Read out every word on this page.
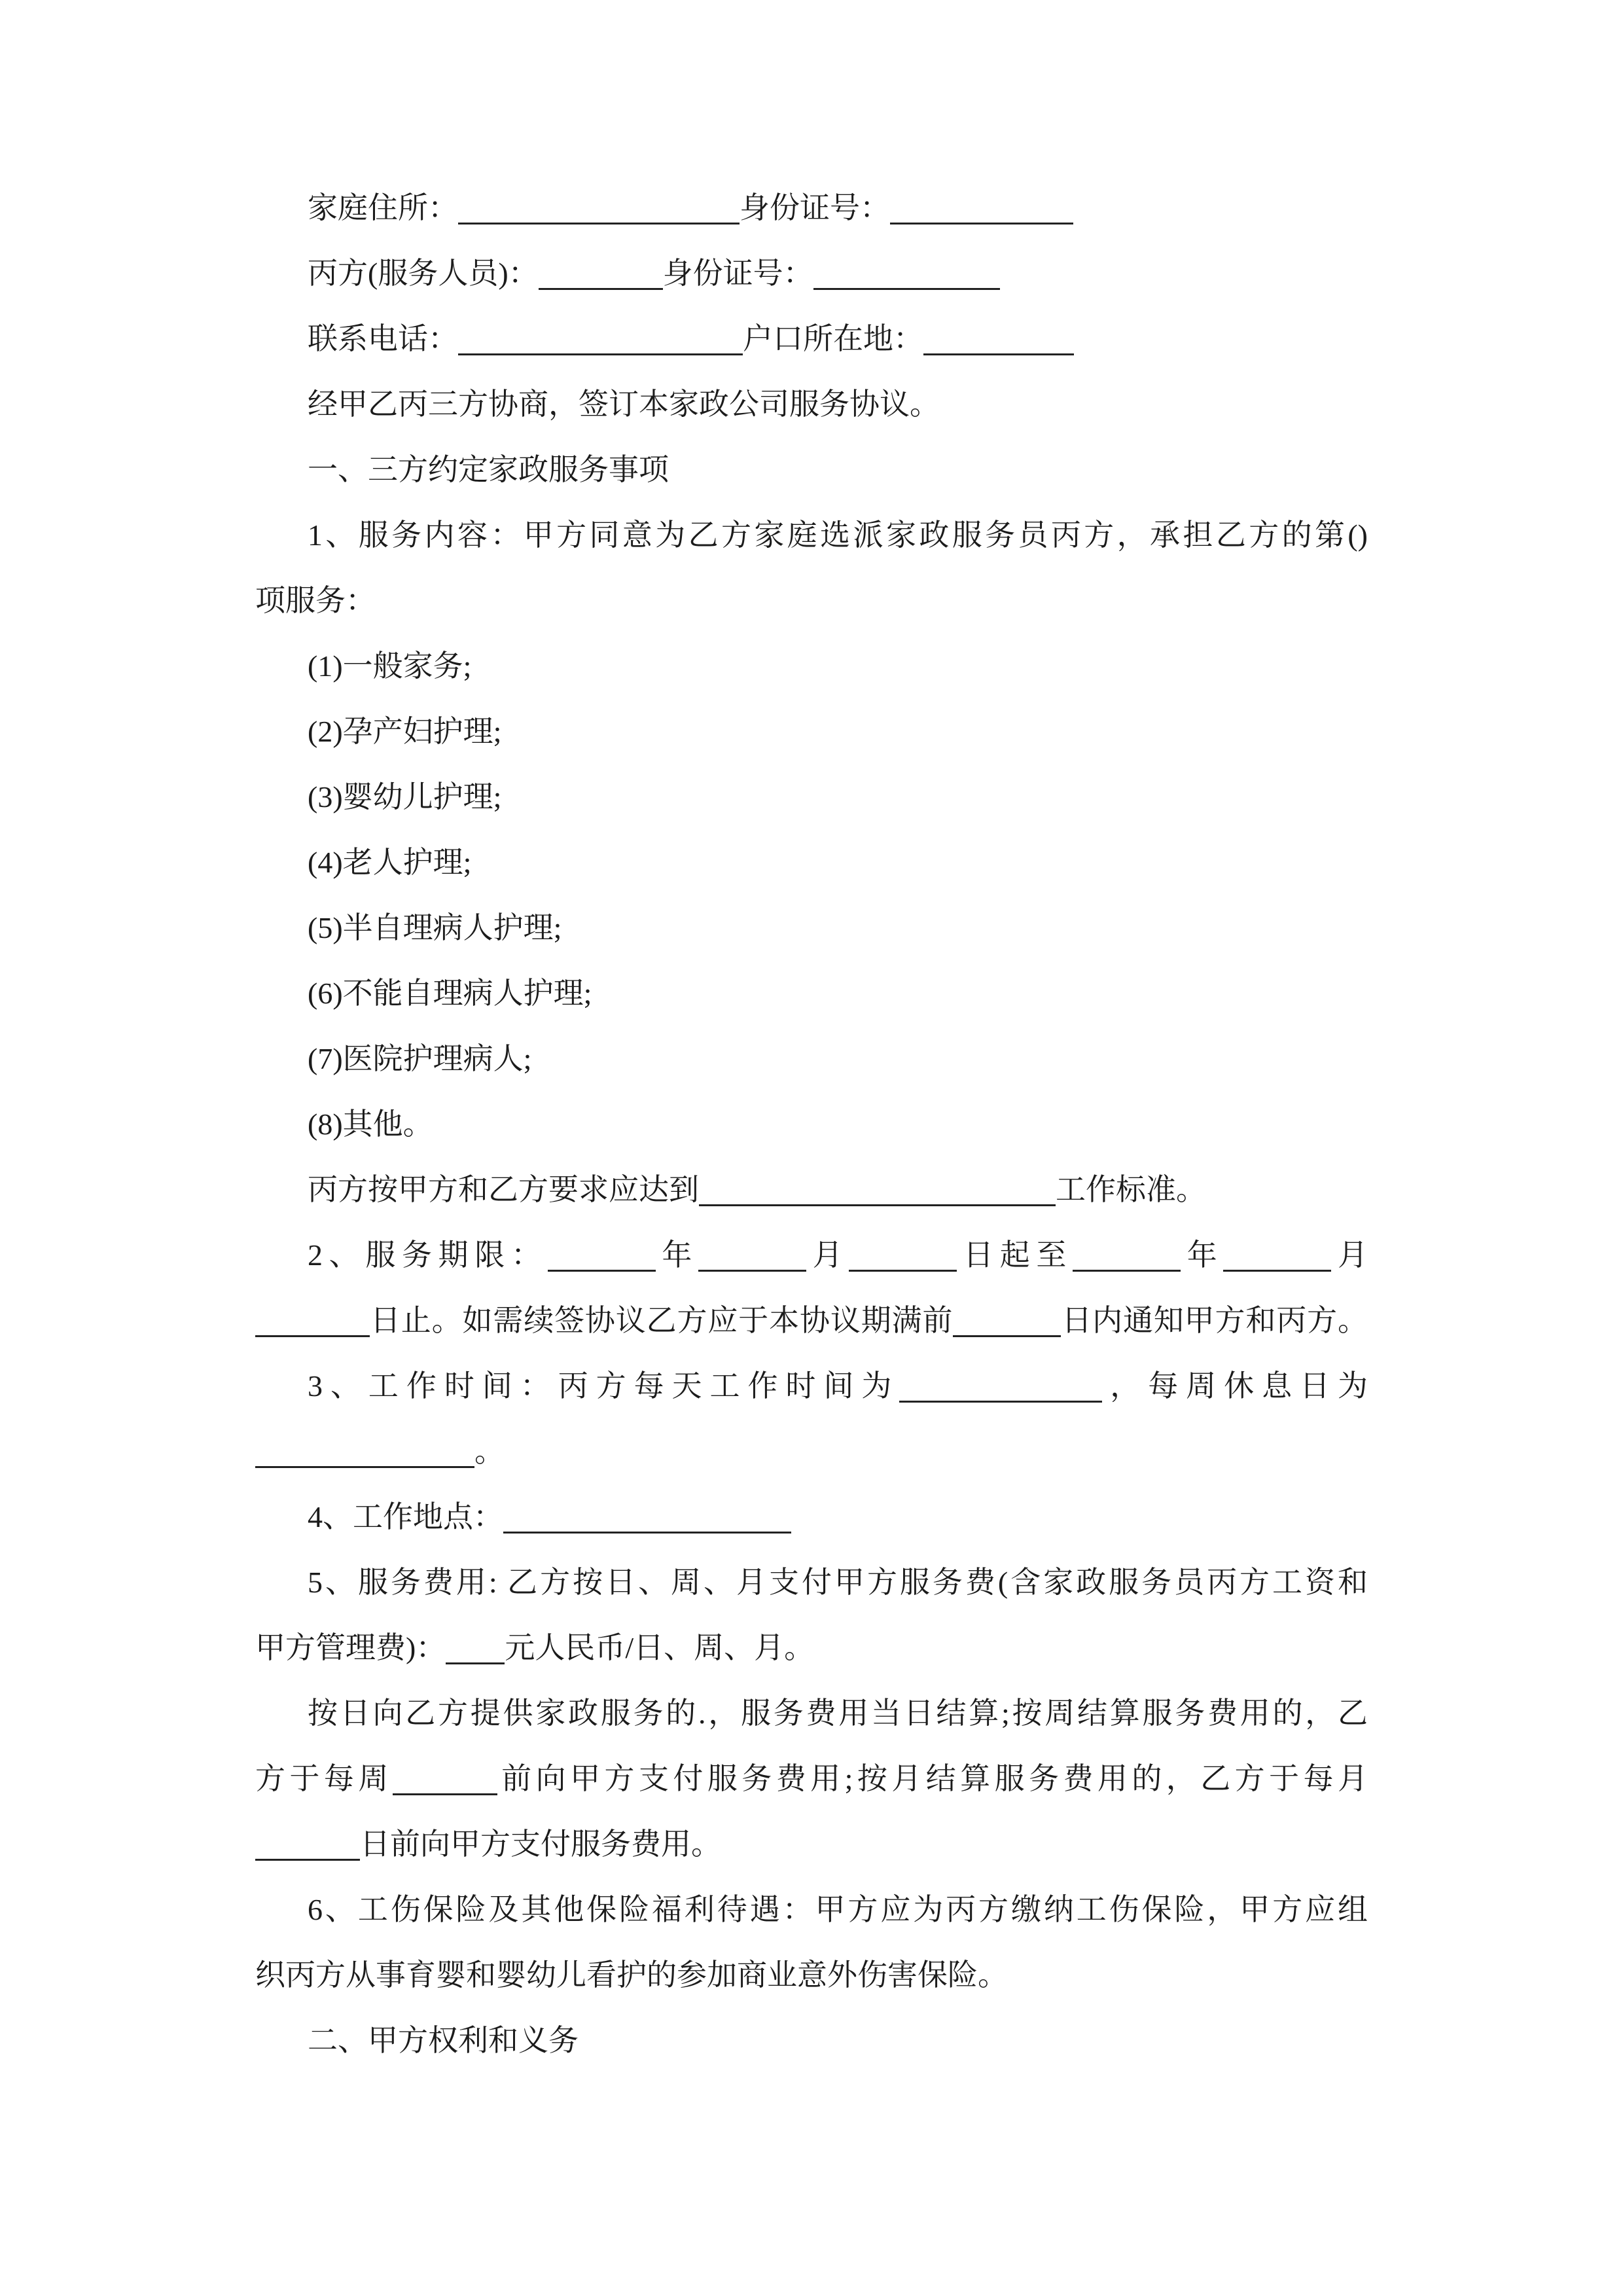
家庭住所：	身份证号：
丙方(服务人员)：	身份证号：
联系电话：	户口所在地：
经甲乙丙三方协商，签订本家政公司服务协议。
一、三方约定家政服务事项
1、服务内容：甲方同意为乙方家庭选派家政服务员丙方，承担乙方的第()
项服务：
(1)一般家务;
(2)孕产妇护理;
(3)婴幼儿护理;
(4)老人护理;
(5)半自理病人护理;
(6)不能自理病人护理;
(7)医院护理病人;
(8)其他。
丙方按甲方和乙方要求应达到	工作标准。
2、服务期限：	年	月	日起至	年	月
日止。如需续签协议乙方应于本协议期满前	日内通知甲方和丙方。
3、工作时间：丙方每天工作时间为	，每周休息日为
。
4、工作地点：
5、服务费用: 乙方按日、周、月支付甲方服务费(含家政服务员丙方工资和
甲方管理费)： 元人民币/日、周、月。
按日向乙方提供家政服务的.，服务费用当日结算;按周结算服务费用的，乙
方于每周	前向甲方支付服务费用;按月结算服务费用的，乙方于每月
日前向甲方支付服务费用。
6、工伤保险及其他保险福利待遇：甲方应为丙方缴纳工伤保险，甲方应组
织丙方从事育婴和婴幼儿看护的参加商业意外伤害保险。
二、甲方权利和义务
